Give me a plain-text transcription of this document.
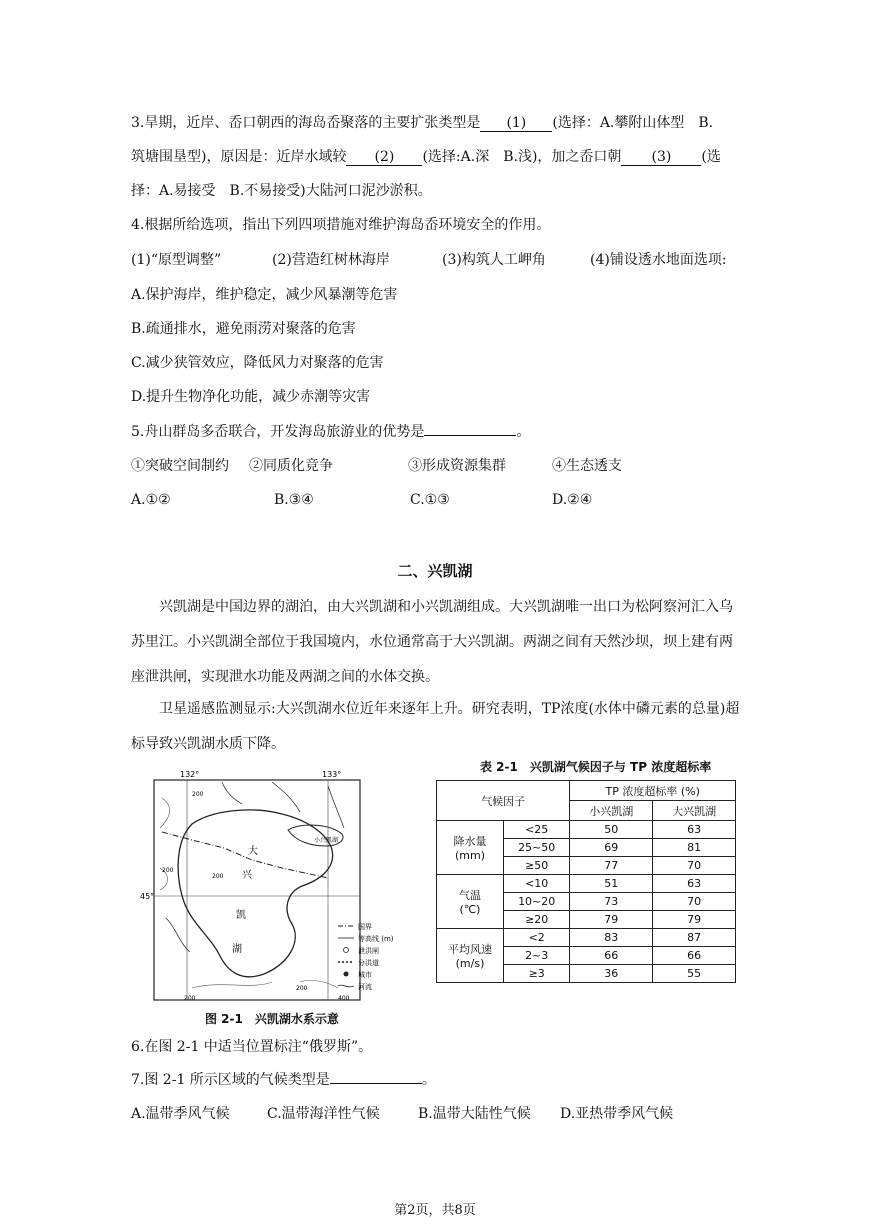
3.旱期，近岸、岙口朝西的海岛岙聚落的主要扩张类型是 (1) (选择：A.攀附山体型　B.
筑塘围垦型)，原因是：近岸水域较 (2) (选择:A.深　B.浅)，加之岙口朝 (3) (选
择：A.易接受　B.不易接受)大陆河口泥沙淤积。
4.根据所给选项，指出下列四项措施对维护海岛岙环境安全的作用。
(1)“原型调整”	(2)营造红树林海岸	(3)构筑人工岬角	(4)铺设透水地面选项:
A.保护海岸，维护稳定，减少风暴潮等危害
B.疏通排水，避免雨涝对聚落的危害
C.减少狭管效应，降低风力对聚落的危害
D.提升生物净化功能，减少赤潮等灾害
5.舟山群岛多岙联合，开发海岛旅游业的优势是	。
①突破空间制约 ②同质化竞争	③形成资源集群	④生态透支
A.①②	B.③④	C.①③	D.②④
二、兴凯湖
兴凯湖是中国边界的湖泊，由大兴凯湖和小兴凯湖组成。大兴凯湖唯一出口为松阿察河汇入乌苏里江。小兴凯湖全部位于我国境内，水位通常高于大兴凯湖。两湖之间有天然沙坝，坝上建有两座泄洪闸，实现泄水功能及两湖之间的水体交换。
卫星遥感监测显示:大兴凯湖水位近年来逐年上升。研究表明，TP浓度(水体中磷元素的总量)超标导致兴凯湖水质下降。
132°	133°
45°
大
兴
凯
湖
小兴凯湖
200
200
200
200
400
200
国界
等高线 (m)
泄洪闸
分洪道
城市
河流
图 2-1　兴凯湖水系示意
表 2-1　兴凯湖气候因子与 TP 浓度超标率
气候因子		TP 浓度超标率 (%)	
		小兴凯湖	大兴凯湖

降水量
(mm)	<25	50	63
	25~50	69	81
	≥50	77	70

气温
(℃)	<10	51	63
	10~20	73	70
	≥20	79	79

平均风速
(m/s)	<2	83	87
	2~3	66	66
	≥3	36	55
6.在图 2-1 中适当位置标注“俄罗斯”。
7.图 2-1 所示区域的气候类型是	。
A.温带季风气候	C.温带海洋性气候	B.温带大陆性气候 D.亚热带季风气候
第2页，共8页
